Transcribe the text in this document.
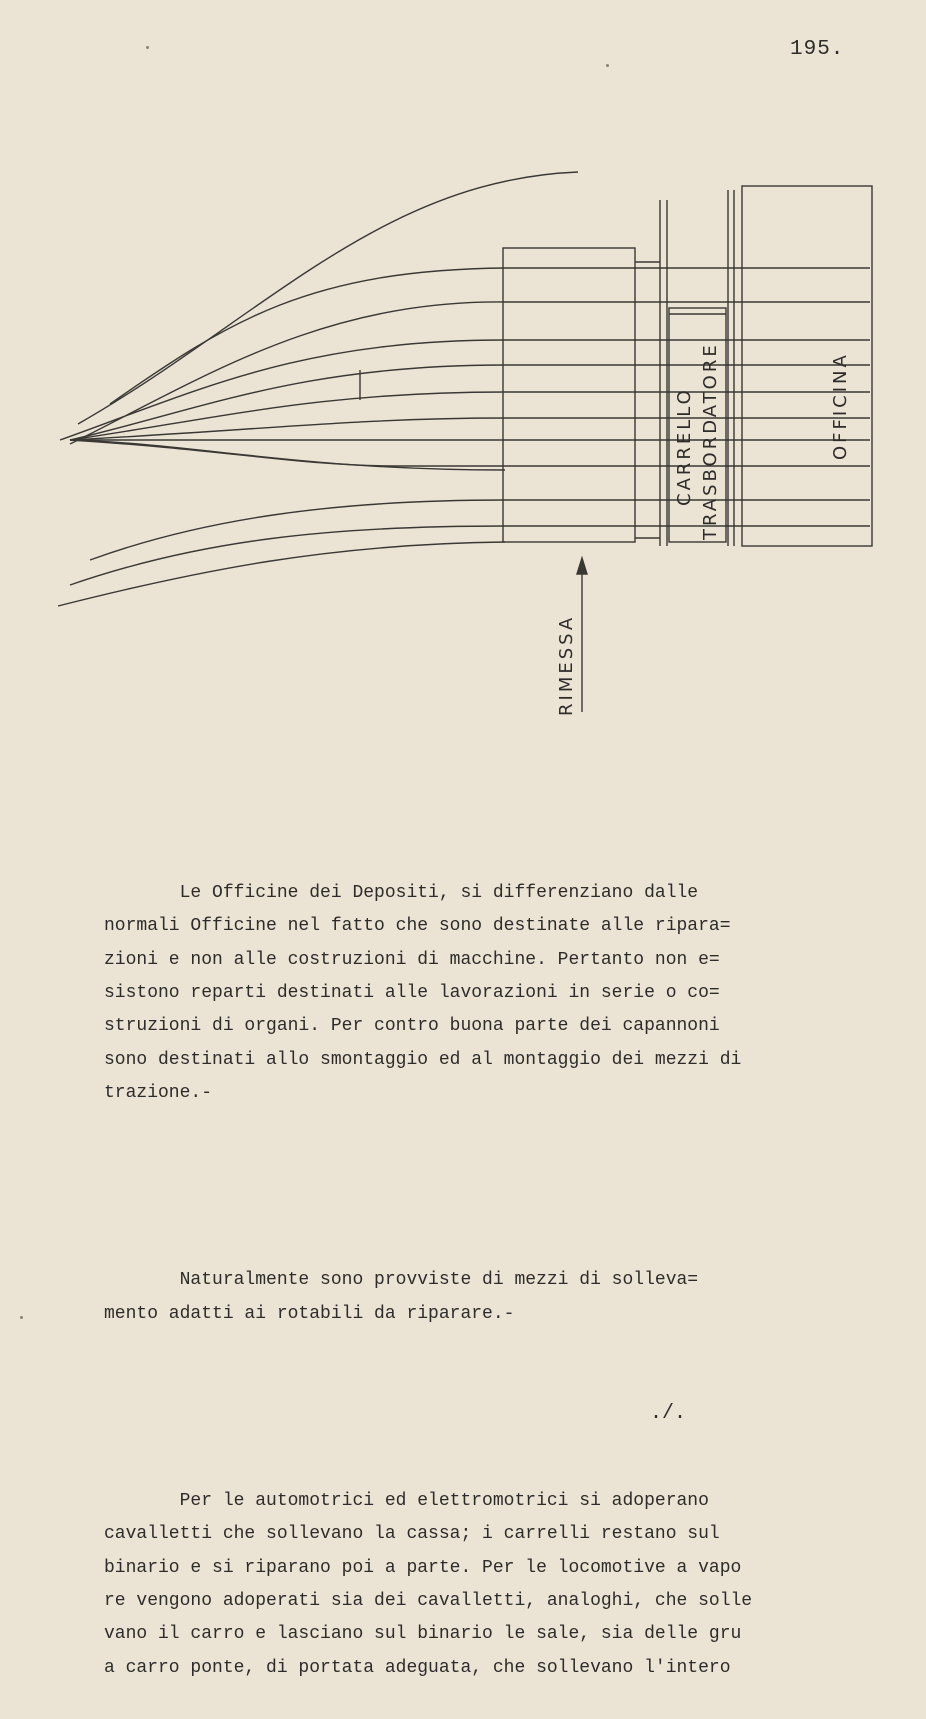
195.
RIMESSA
CARRELLO TRASBORDATORE	OFFICINA

Le Officine dei Depositi, si differenziano dalle
normali Officine nel fatto che sono destinate alle ripara=
zioni e non alle costruzioni di macchine. Pertanto non e=
sistono reparti destinati alle lavorazioni in serie o co=
struzioni di organi. Per contro buona parte dei capannoni
sono destinati allo smontaggio ed al montaggio dei mezzi di
trazione.-

Naturalmente sono provviste di mezzi di solleva=
mento adatti ai rotabili da riparare.-

Per le automotrici ed elettromotrici si adoperano
cavalletti che sollevano la cassa; i carrelli restano sul
binario e si riparano poi a parte. Per le locomotive a vapo
re vengono adoperati sia dei cavalletti, analoghi, che solle
vano il carro e lasciano sul binario le sale, sia delle gru
a carro ponte, di portata adeguata, che sollevano l'intero

./.
